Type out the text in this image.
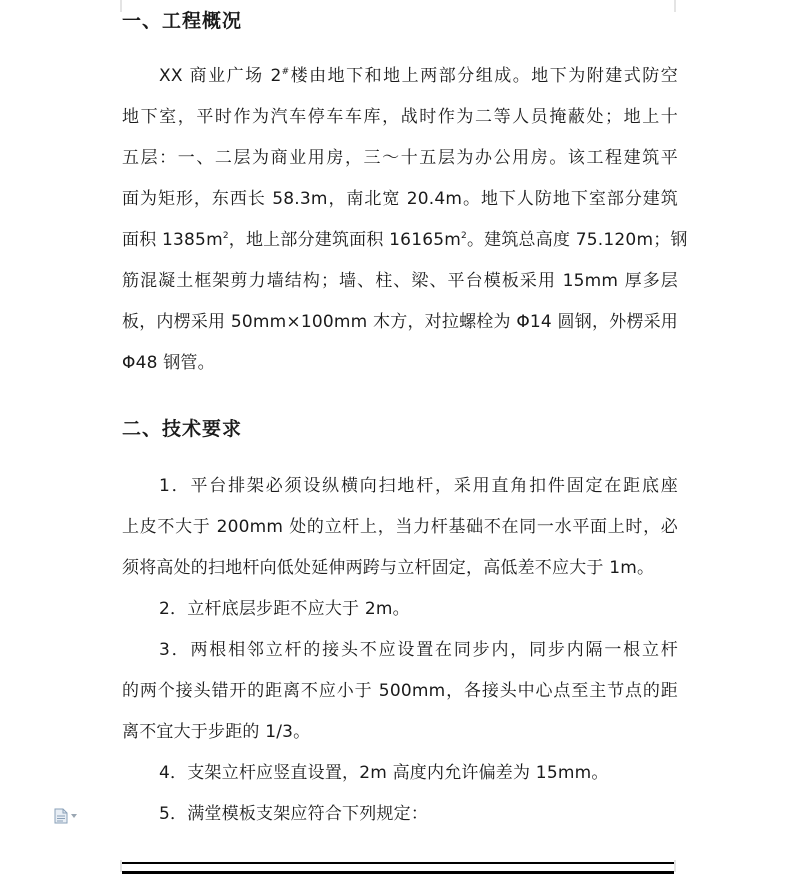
一、工程概况
XX 商业广场 2#楼由地下和地上两部分组成。地下为附建式防空
地下室，平时作为汽车停车车库，战时作为二等人员掩蔽处；地上十
五层：一、二层为商业用房，三～十五层为办公用房。该工程建筑平
面为矩形，东西长 58.3m，南北宽 20.4m。地下人防地下室部分建筑
面积 $1385m^2$，地上部分建筑面积 $16165m^2$。建筑总高度 75.120m；钢
筋混凝土框架剪力墙结构；墙、柱、梁、平台模板采用 15mm 厚多层
板，内楞采用 50mm×100mm 木方，对拉螺栓为 Φ14 圆钢，外楞采用
Φ48 钢管。
二、技术要求
1．平台排架必须设纵横向扫地杆，采用直角扣件固定在距底座
上皮不大于 200mm 处的立杆上，当力杆基础不在同一水平面上时，必
须将高处的扫地杆向低处延伸两跨与立杆固定，高低差不应大于 1m。
2．立杆底层步距不应大于 2m。
3．两根相邻立杆的接头不应设置在同步内，同步内隔一根立杆
的两个接头错开的距离不应小于 500mm，各接头中心点至主节点的距
离不宜大于步距的 1/3。
4．支架立杆应竖直设置，2m 高度内允许偏差为 15mm。
5．满堂模板支架应符合下列规定：
